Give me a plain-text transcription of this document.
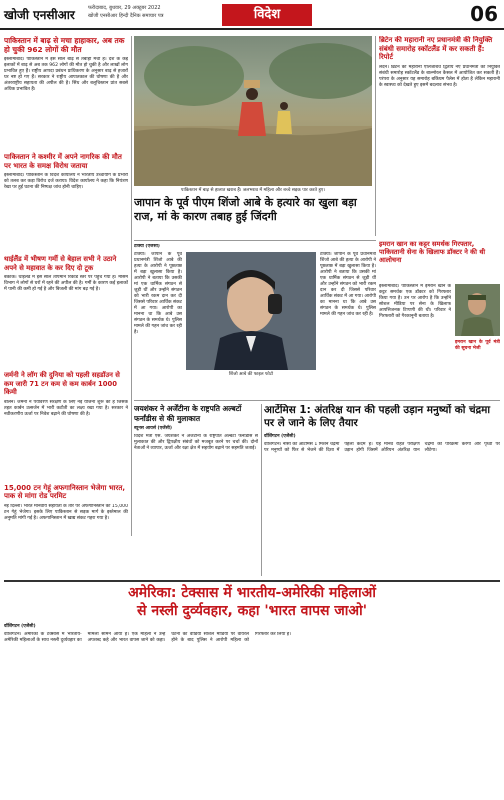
खोजी एनसीआर	फरीदाबाद, बुधवार, 29 अक्टूबर 2022
खोजी एनसीआर हिन्दी दैनिक समाचार पत्र	विदेश	06
पाकिस्तान में बाढ़ से मचा हाहाकार, अब तक हो चुकी 962 लोगों की मौत
इस्लामाबाद। पाकिस्तान में इस साल बाढ़ से तबाही मची है। देश के कई इलाकों में बाढ़ से अब तक 962 लोगों की मौत हो चुकी है और लाखों लोग प्रभावित हुए हैं। राष्ट्रीय आपदा प्रबंधन प्राधिकरण के अनुसार बाढ़ से हजारों घर नष्ट हो गए हैं। सरकार ने राष्ट्रीय आपातकाल की घोषणा की है और अंतरराष्ट्रीय सहायता की अपील की है। सिंध और बलूचिस्तान प्रांत सबसे अधिक प्रभावित हैं।
पाकिस्तान ने कश्मीर में अपने नागरिक की मौत पर भारत के समक्ष विरोध जताया
इस्लामाबाद। पाकिस्तान के विदेश कार्यालय ने भारतीय उच्चायोग के प्रभारी को तलब कर कड़ा विरोध दर्ज कराया। विदेश कार्यालय ने कहा कि नियंत्रण रेखा पर हुई घटना की निष्पक्ष जांच होनी चाहिए।
थाईलैंड में भीषण गर्मी से बेहाल सभी ने उठाने अपने से महावात के कर दिए दो टूक
बैंकॉक। थाईलैंड में इस साल तापमान रिकॉर्ड स्तर पर पहुंच गया है। मौसम विभाग ने लोगों से घरों में रहने की अपील की है। गर्मी के कारण कई इलाकों में पानी की कमी हो गई है और बिजली की मांग बढ़ गई है।
जर्मनी ने लॉग की दुनिया को पहली सहडॉउन से कम जारी 71 टन कम से कम कार्बन 1000 किमी
बर्लिन। जर्मनी ने पर्यावरण संरक्षण के लिए नई योजना शुरू की है जिसके तहत कार्बन उत्सर्जन में भारी कटौती का लक्ष्य रखा गया है। सरकार ने नवीकरणीय ऊर्जा पर निवेश बढ़ाने की घोषणा की है।
15,000 टन गेहूं अफगानिस्तान भेजेगा भारत, पाक से मांगा रोड परमिट
नई दिल्ली। भारत मानवीय सहायता के तौर पर अफगानिस्तान को 15,000 टन गेहूं भेजेगा। इसके लिए पाकिस्तान से सड़क मार्ग के इस्तेमाल की अनुमति मांगी गई है। अफगानिस्तान में खाद्य संकट गहरा गया है।
पाकिस्तान में बाढ़ से हालात खराब हैं। जलभराव में महिला और बच्चे सड़क पार करते हुए।
ब्रिटेन की महारानी नए प्रधानमंत्री की नियुक्ति संबंधी समारोह स्कॉटलैंड में कर सकती हैं: रिपोर्ट
लंदन। ब्रिटेन की महारानी एलिजाबेथ द्वितीय नए प्रधानमंत्री की नियुक्ति संबंधी समारोह स्कॉटलैंड के बाल्मोरल कैसल में आयोजित कर सकती हैं। परंपरा के अनुसार यह समारोह बकिंघम पैलेस में होता है लेकिन महारानी के स्वास्थ्य को देखते हुए इसमें बदलाव संभव है।
जापान के पूर्व पीएम शिंजो आबे के हत्यारे का खुला बड़ा राज, मां के कारण तबाह हुई जिंदगी
टोक्यो (एजेंसी)
टोक्यो। जापान के पूर्व प्रधानमंत्री शिंजो आबे की हत्या के आरोपी ने पूछताछ में बड़ा खुलासा किया है। आरोपी ने बताया कि उसकी मां एक धार्मिक संगठन से जुड़ी थीं और उन्होंने संगठन को भारी रकम दान कर दी जिससे परिवार आर्थिक संकट में आ गया। आरोपी का मानना था कि आबे उस संगठन के समर्थक थे। पुलिस मामले की गहन जांच कर रही है।
शिंजो आबे की फाइल फोटो
टोक्यो। जापान के पूर्व प्रधानमंत्री शिंजो आबे की हत्या के आरोपी ने पूछताछ में बड़ा खुलासा किया है। आरोपी ने बताया कि उसकी मां एक धार्मिक संगठन से जुड़ी थीं और उन्होंने संगठन को भारी रकम दान कर दी जिससे परिवार आर्थिक संकट में आ गया। आरोपी का मानना था कि आबे उस संगठन के समर्थक थे। पुलिस मामले की गहन जांच कर रही है।
इमरान खान का कट्टर समर्थक गिरफ्तार, पाकिस्तानी सेना के खिलाफ डॉक्टर ने की थी आलोचना
इस्लामाबाद। पाकिस्तान में इमरान खान के कट्टर समर्थक एक डॉक्टर को गिरफ्तार किया गया है। उन पर आरोप है कि उन्होंने सोशल मीडिया पर सेना के खिलाफ आपत्तिजनक टिप्पणी की थी। परिवार ने गिरफ्तारी को गैरकानूनी बताया है।
इमरान खान के पूर्व मंत्री की सूचना भेजी
जयशंकर ने अर्जेंटीना के राष्ट्रपति अल्बर्टो फर्नांडीस से की मुलाकात
ब्यूनस आयर्स (एजेंसी)
विदेश मंत्री एस. जयशंकर ने अर्जेंटीना के राष्ट्रपति अल्बर्टो फर्नांडीस से मुलाकात की और द्विपक्षीय संबंधों को मजबूत करने पर चर्चा की। दोनों नेताओं ने व्यापार, ऊर्जा और रक्षा क्षेत्र में सहयोग बढ़ाने पर सहमति जताई।
आर्टेमिस 1: अंतरिक्ष यान की पहली उड़ान मनुष्यों को चंद्रमा पर ले जाने के लिए तैयार
वॉशिंगटन (एजेंसी)
वॉशिंगटन। नासा का आर्टेमिस 1 मिशन चंद्रमा पर मनुष्यों को फिर से भेजने की दिशा में पहला कदम है। यह मानव रहित परीक्षण उड़ान होगी जिसमें ओरियन अंतरिक्ष यान चंद्रमा की परिक्रमा करेगा और पृथ्वी पर लौटेगा।
अमेरिका: टेक्सास में भारतीय-अमेरिकी महिलाओं
से नस्ली दुर्व्यवहार, कहा 'भारत वापस जाओ'
वॉशिंगटन (एजेंसी)
वॉशिंगटन। अमेरिका के टेक्सास में भारतीय-अमेरिकी महिलाओं के साथ नस्ली दुर्व्यवहार का मामला सामने आया है। एक महिला ने उन्हें अपशब्द कहे और भारत वापस जाने को कहा। घटना का वीडियो सोशल मीडिया पर वायरल होने के बाद पुलिस ने आरोपी महिला को गिरफ्तार कर लिया है।
